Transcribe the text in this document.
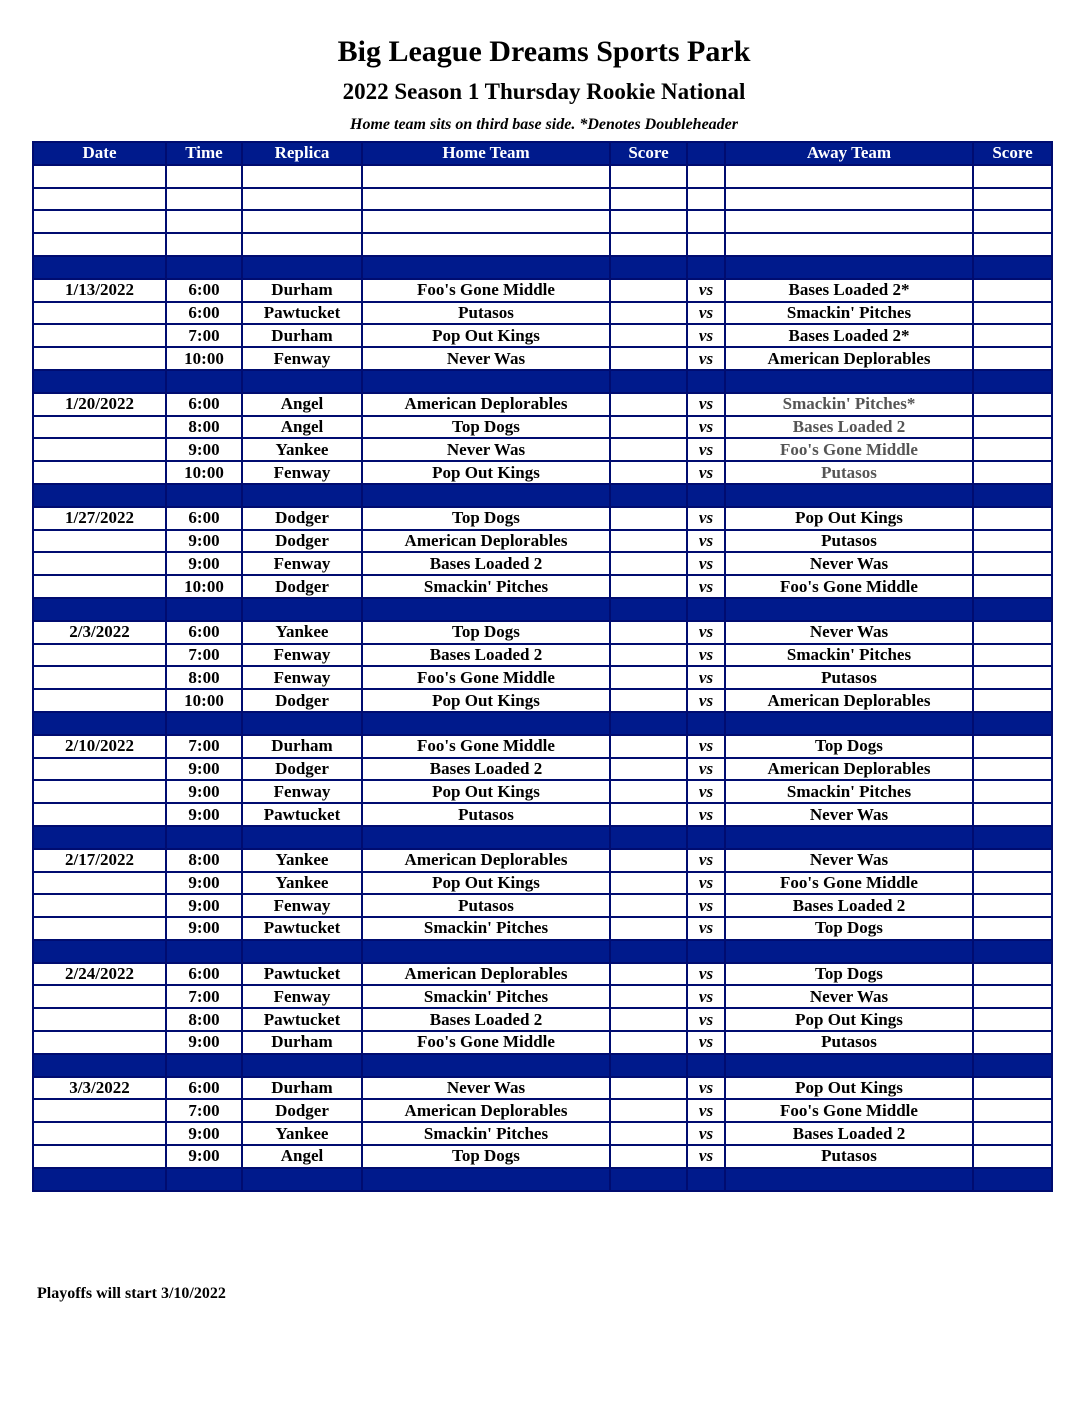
Big League Dreams Sports Park
2022 Season 1 Thursday Rookie National
Home team sits on third base side. *Denotes Doubleheader
Date	Time	Replica	Home Team	Score		Away Team	Score

1/13/2022	6:00	Durham	Foo's Gone Middle		vs	Bases Loaded 2*	
	6:00	Pawtucket	Putasos		vs	Smackin' Pitches	
	7:00	Durham	Pop Out Kings		vs	Bases Loaded 2*	
	10:00	Fenway	Never Was		vs	American Deplorables	

1/20/2022	6:00	Angel	American Deplorables		vs	Smackin' Pitches*	
	8:00	Angel	Top Dogs		vs	Bases Loaded 2	
	9:00	Yankee	Never Was		vs	Foo's Gone Middle	
	10:00	Fenway	Pop Out Kings		vs	Putasos	

1/27/2022	6:00	Dodger	Top Dogs		vs	Pop Out Kings	
	9:00	Dodger	American Deplorables		vs	Putasos	
	9:00	Fenway	Bases Loaded 2		vs	Never Was	
	10:00	Dodger	Smackin' Pitches		vs	Foo's Gone Middle	

2/3/2022	6:00	Yankee	Top Dogs		vs	Never Was	
	7:00	Fenway	Bases Loaded 2		vs	Smackin' Pitches	
	8:00	Fenway	Foo's Gone Middle		vs	Putasos	
	10:00	Dodger	Pop Out Kings		vs	American Deplorables	

2/10/2022	7:00	Durham	Foo's Gone Middle		vs	Top Dogs	
	9:00	Dodger	Bases Loaded 2		vs	American Deplorables	
	9:00	Fenway	Pop Out Kings		vs	Smackin' Pitches	
	9:00	Pawtucket	Putasos		vs	Never Was	

2/17/2022	8:00	Yankee	American Deplorables		vs	Never Was	
	9:00	Yankee	Pop Out Kings		vs	Foo's Gone Middle	
	9:00	Fenway	Putasos		vs	Bases Loaded 2	
	9:00	Pawtucket	Smackin' Pitches		vs	Top Dogs	

2/24/2022	6:00	Pawtucket	American Deplorables		vs	Top Dogs	
	7:00	Fenway	Smackin' Pitches		vs	Never Was	
	8:00	Pawtucket	Bases Loaded 2		vs	Pop Out Kings	
	9:00	Durham	Foo's Gone Middle		vs	Putasos	

3/3/2022	6:00	Durham	Never Was		vs	Pop Out Kings	
	7:00	Dodger	American Deplorables		vs	Foo's Gone Middle	
	9:00	Yankee	Smackin' Pitches		vs	Bases Loaded 2	
	9:00	Angel	Top Dogs		vs	Putasos	

Playoffs will start 3/10/2022
